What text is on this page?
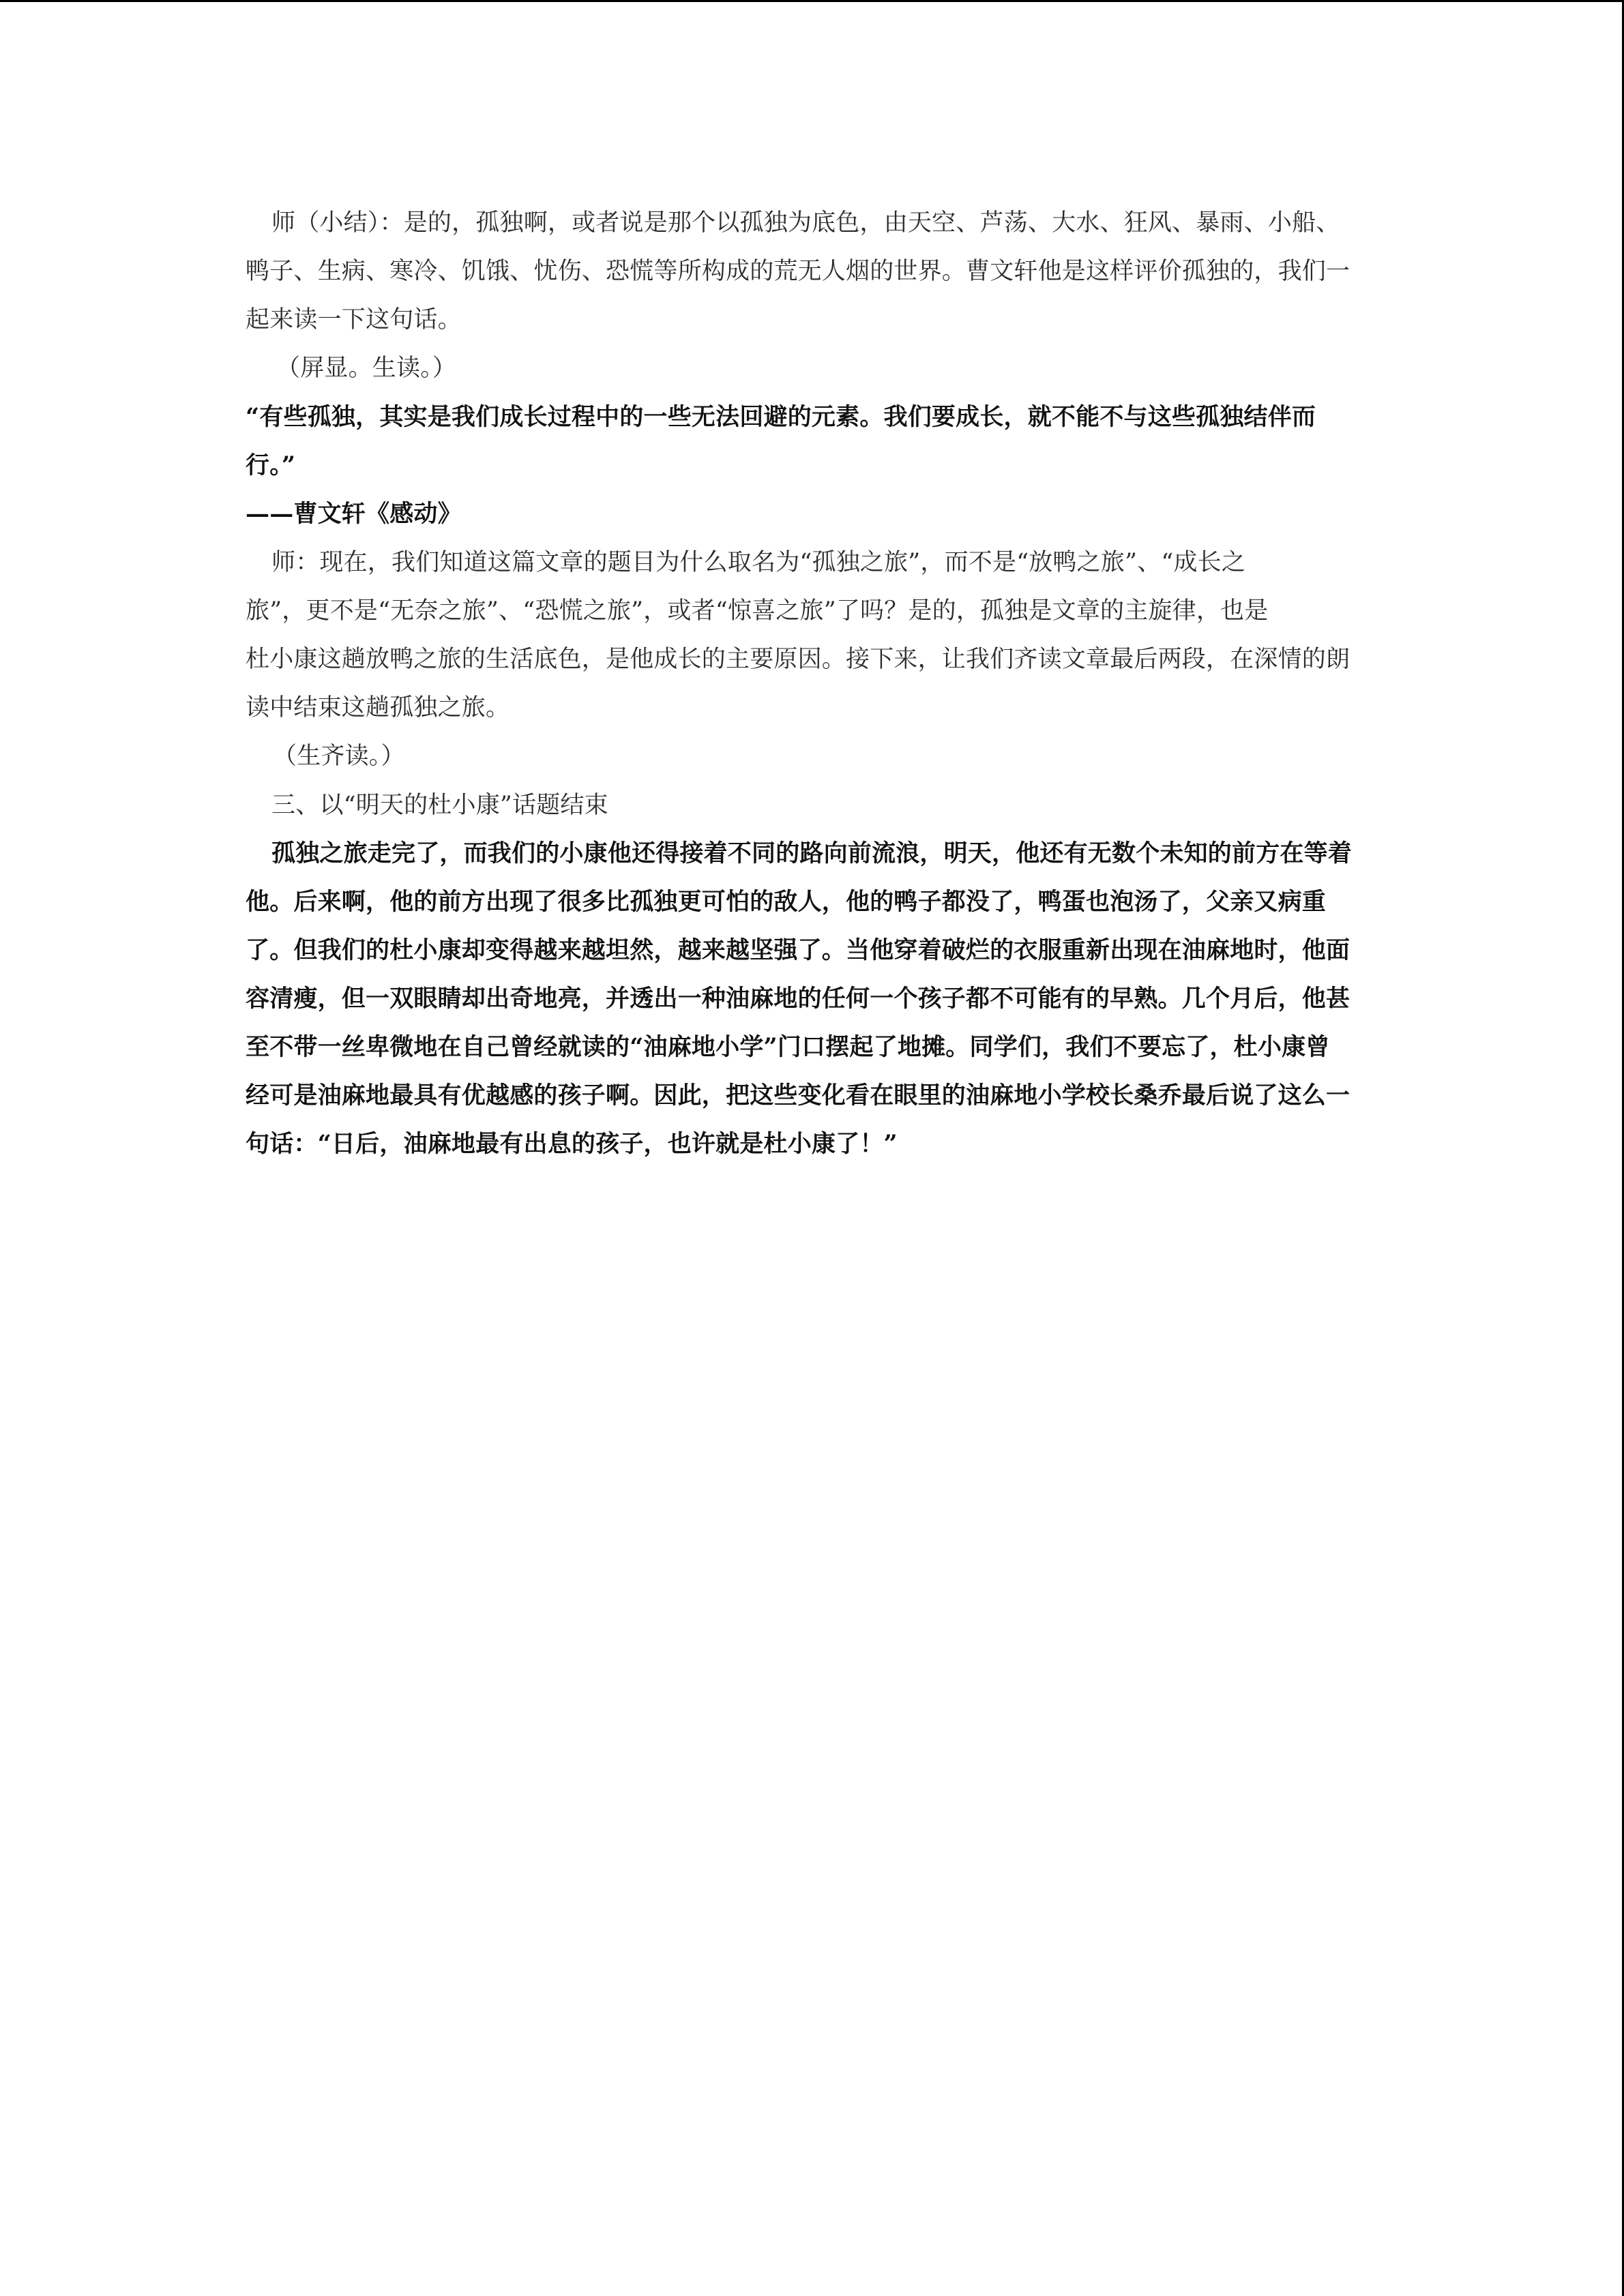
师（小结）：是的，孤独啊，或者说是那个以孤独为底色，由天空、芦荡、大水、狂风、暴雨、小船、
鸭子、生病、寒冷、饥饿、忧伤、恐慌等所构成的荒无人烟的世界。曹文轩他是这样评价孤独的，我们一
起来读一下这句话。
（屏显。生读。）
“有些孤独，其实是我们成长过程中的一些无法回避的元素。我们要成长，就不能不与这些孤独结伴而
行。”
——曹文轩《感动》
师：现在，我们知道这篇文章的题目为什么取名为“孤独之旅”，而不是“放鸭之旅”、“成长之
旅”，更不是“无奈之旅”、“恐慌之旅”，或者“惊喜之旅”了吗？是的，孤独是文章的主旋律，也是
杜小康这趟放鸭之旅的生活底色，是他成长的主要原因。接下来，让我们齐读文章最后两段，在深情的朗
读中结束这趟孤独之旅。
（生齐读。）
三、以“明天的杜小康”话题结束
孤独之旅走完了，而我们的小康他还得接着不同的路向前流浪，明天，他还有无数个未知的前方在等着
他。后来啊，他的前方出现了很多比孤独更可怕的敌人，他的鸭子都没了，鸭蛋也泡汤了，父亲又病重
了。但我们的杜小康却变得越来越坦然，越来越坚强了。当他穿着破烂的衣服重新出现在油麻地时，他面
容清瘦，但一双眼睛却出奇地亮，并透出一种油麻地的任何一个孩子都不可能有的早熟。几个月后，他甚
至不带一丝卑微地在自己曾经就读的“油麻地小学”门口摆起了地摊。同学们，我们不要忘了，杜小康曾
经可是油麻地最具有优越感的孩子啊。因此，把这些变化看在眼里的油麻地小学校长桑乔最后说了这么一
句话：“日后，油麻地最有出息的孩子，也许就是杜小康了！”
